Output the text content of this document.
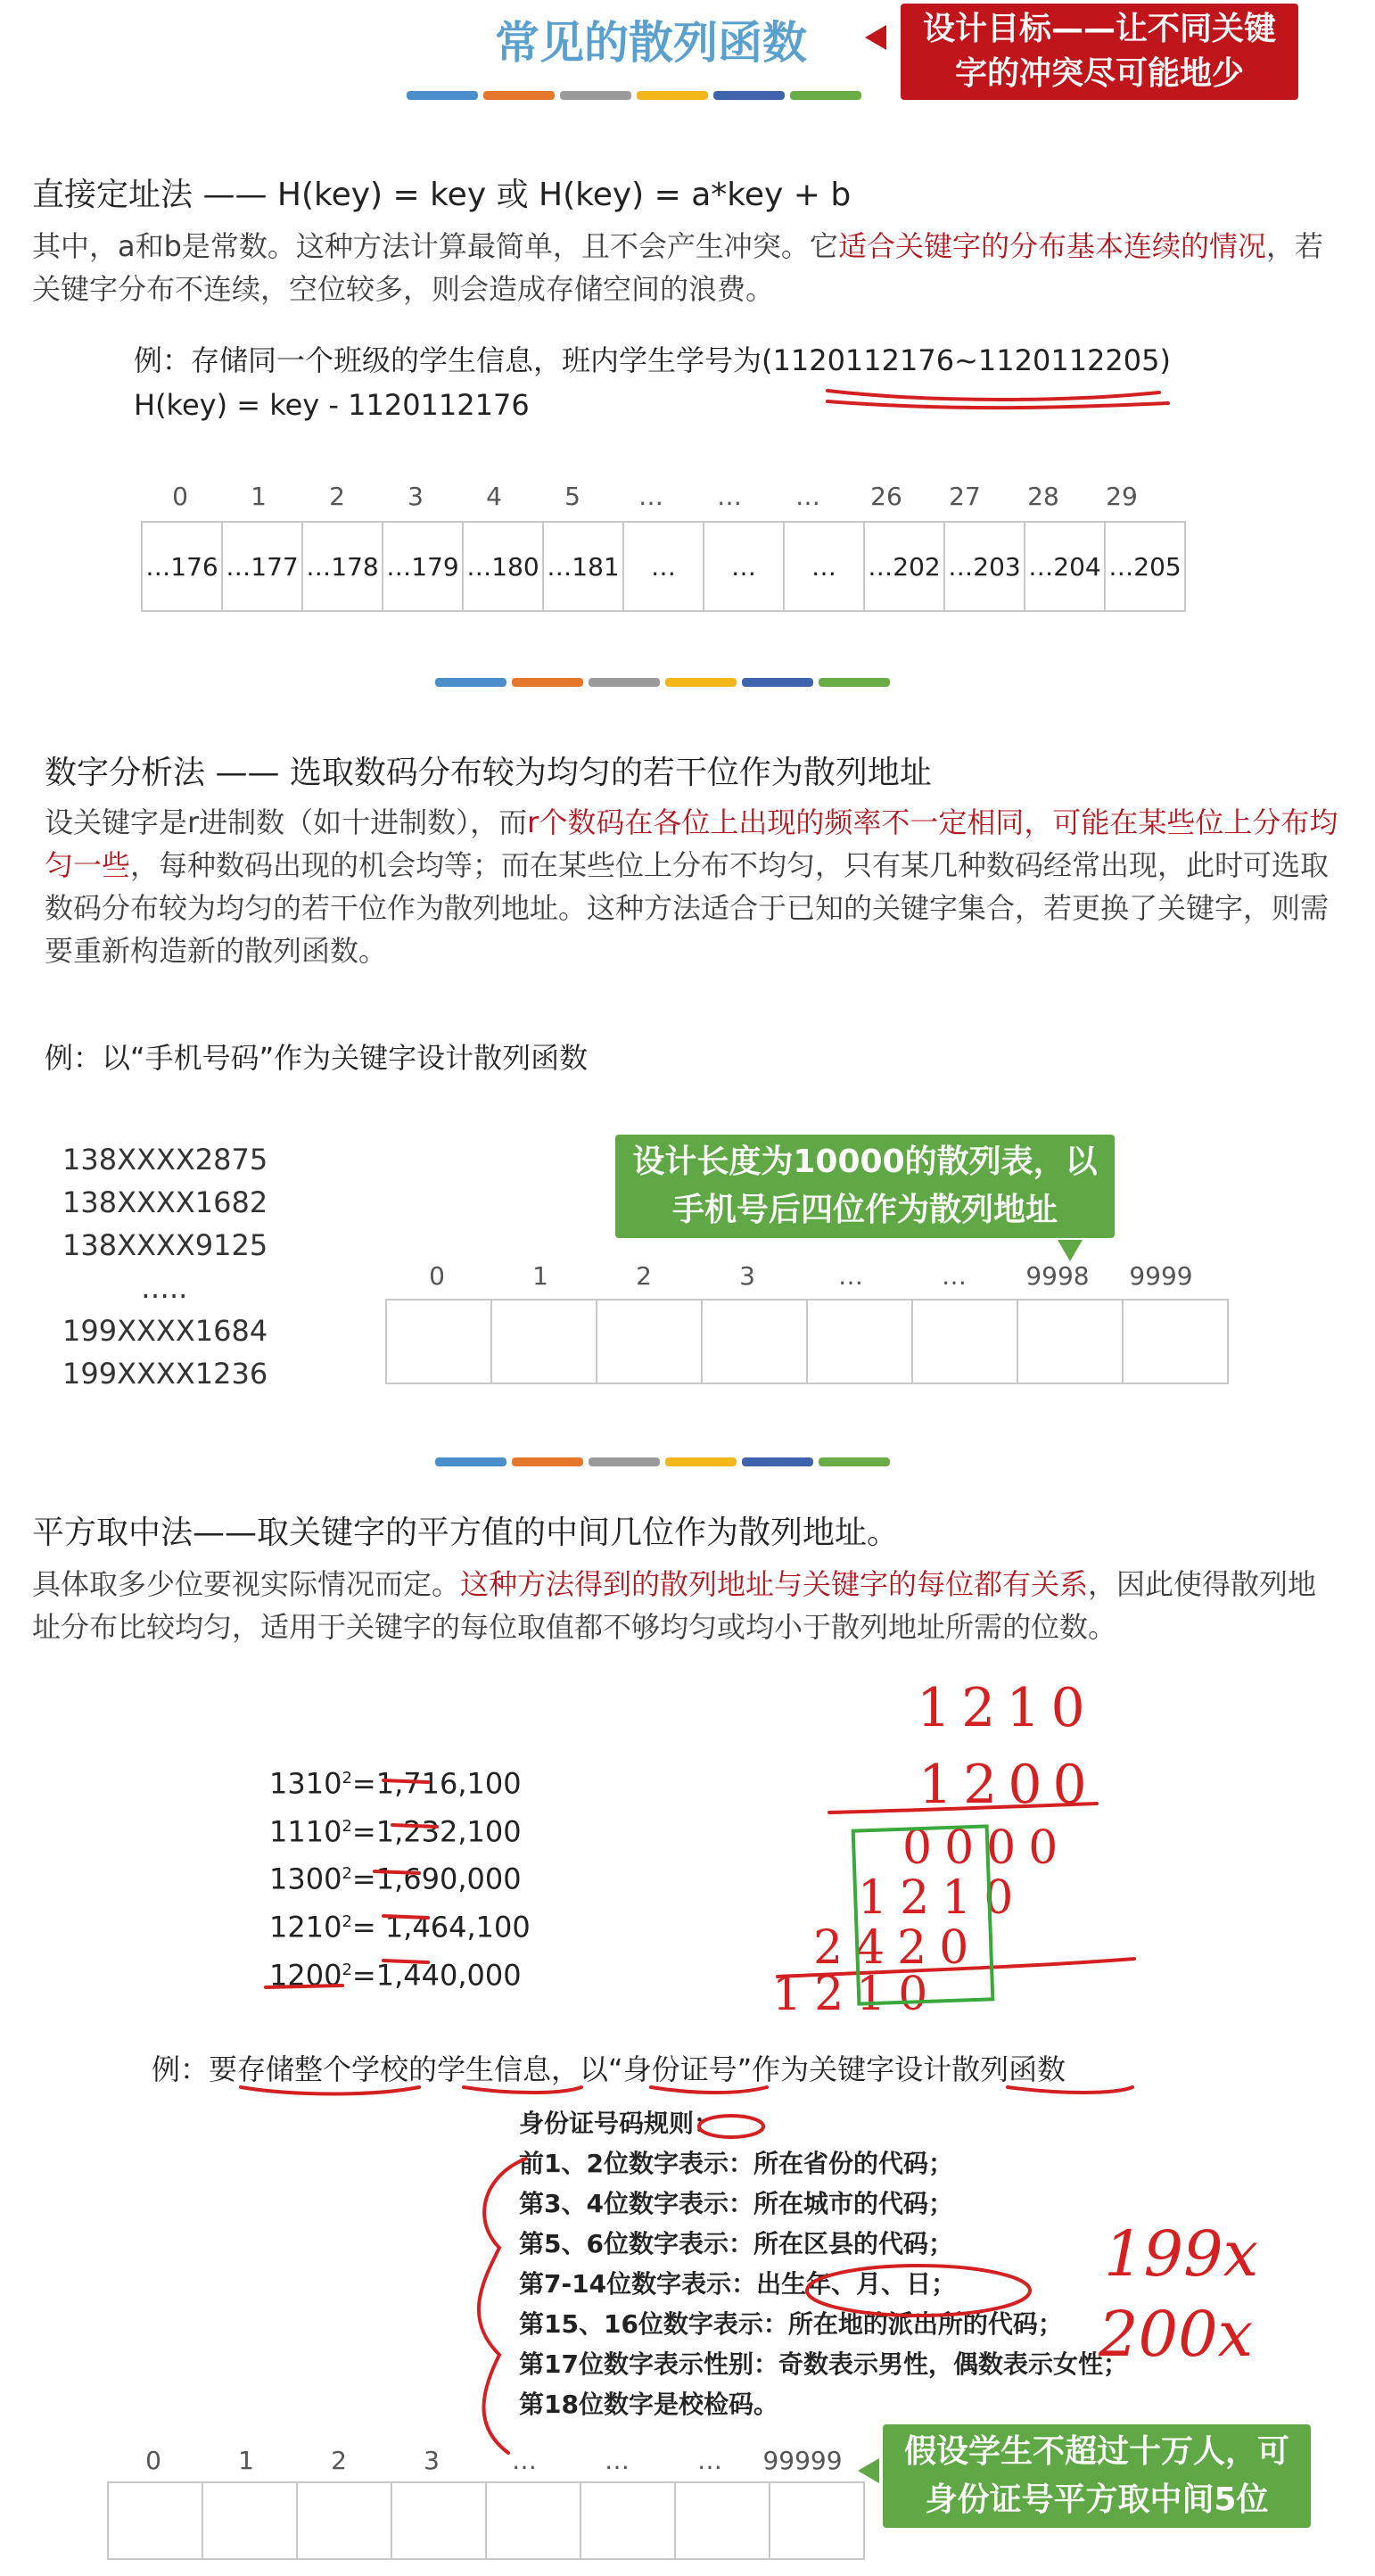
常见的散列函数	设计目标——让不同关键字的冲突尽可能地少
直接定址法 —— H(key) = key 或 H(key) = a*key + b
其中，a和b是常数。这种方法计算最简单，且不会产生冲突。它适合关键字的分布基本连续的情况，若关键字分布不连续，空位较多，则会造成存储空间的浪费。
例：存储同一个班级的学生信息，班内学生学号为(1120112176~1120112205)
H(key) = key - 1120112176
0	1	2	3	4	5	…	…	…	26	27	28	29
…176	…177	…178	…179	…180	…181	…	…	…	…202	…203	…204	…205
数字分析法 —— 选取数码分布较为均匀的若干位作为散列地址
设关键字是r进制数（如十进制数），而r个数码在各位上出现的频率不一定相同，可能在某些位上分布均匀一些，每种数码出现的机会均等；而在某些位上分布不均匀，只有某几种数码经常出现，此时可选取数码分布较为均匀的若干位作为散列地址。这种方法适合于已知的关键字集合，若更换了关键字，则需要重新构造新的散列函数。
例：以“手机号码”作为关键字设计散列函数
138XXXX2875
138XXXX1682
138XXXX9125
…..
199XXXX1684
199XXXX1236
设计长度为10000的散列表，以手机号后四位作为散列地址
0	1	2	3	…	…	9998	9999

平方取中法——取关键字的平方值的中间几位作为散列地址。
具体取多少位要视实际情况而定。这种方法得到的散列地址与关键字的每位都有关系，因此使得散列地址分布比较均匀，适用于关键字的每位取值都不够均匀或均小于散列地址所需的位数。
$1310^2=1,716,100$
$1110^2=1,232,100$
$1300^2=1,690,000$
$1210^2= 1,464,100$
$1200^2=1,440,000$
1210
1200
0000
1210
2420
1210
199x
200x
例：要存储整个学校的学生信息，以“身份证号”作为关键字设计散列函数
身份证号码规则：
前1、2位数字表示：所在省份的代码；
第3、4位数字表示：所在城市的代码；
第5、6位数字表示：所在区县的代码；
第7-14位数字表示：出生年、月、日；
第15、16位数字表示：所在地的派出所的代码；
第17位数字表示性别：奇数表示男性，偶数表示女性；
第18位数字是校检码。
0	1	2	3	…	…	…	99999
								假设学生不超过十万人，可身份证号平方取中间5位
